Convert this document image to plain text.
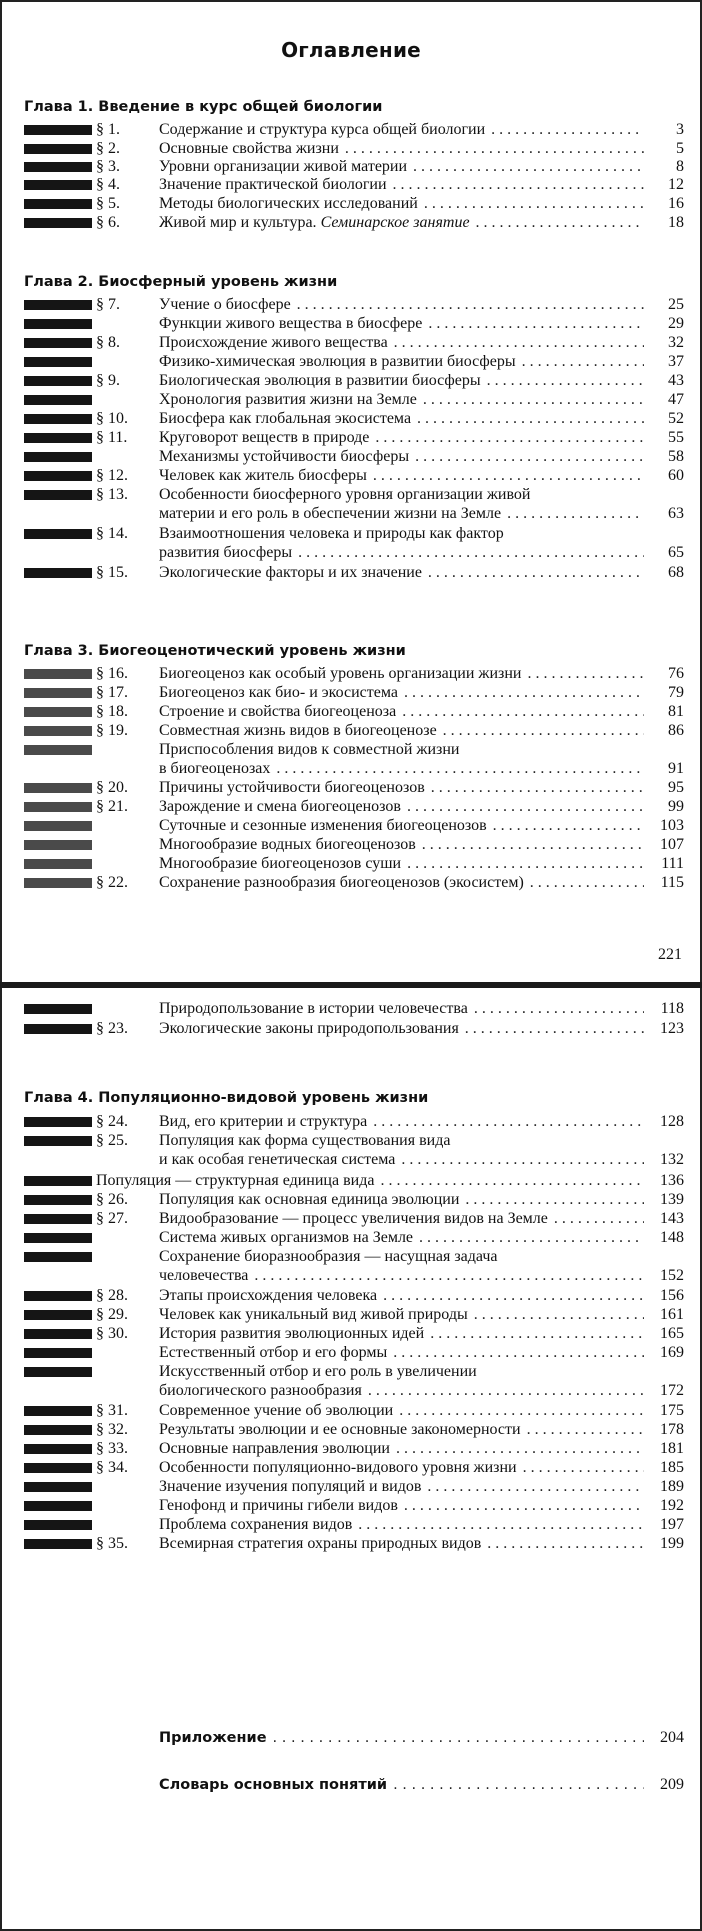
Оглавление
Глава 1. Введение в курс общей биологии
§ 1. Содержание и структура курса общей биологии . . .	3
§ 2. Основные свойства жизни . . .	5
§ 3. Уровни организации живой материи . . .	8
§ 4. Значение практической биологии . . .	12
§ 5. Методы биологических исследований . . .	16
§ 6. Живой мир и культура. Семинарское занятие . . .	18
Глава 2. Биосферный уровень жизни
§ 7. Учение о биосфере . . .	25
Функции живого вещества в биосфере . . .	29
§ 8. Происхождение живого вещества . . .	32
Физико-химическая эволюция в развитии биосферы . . .	37
§ 9. Биологическая эволюция в развитии биосферы . . .	43
Хронология развития жизни на Земле . . .	47
§ 10. Биосфера как глобальная экосистема . . .	52
§ 11. Круговорот веществ в природе . . .	55
Механизмы устойчивости биосферы . . .	58
§ 12. Человек как житель биосферы . . .	60
§ 13. Особенности биосферного уровня организации живой
материи и его роль в обеспечении жизни на Земле . . .	63
§ 14. Взаимоотношения человека и природы как фактор
развития биосферы . . .	65
§ 15. Экологические факторы и их значение . . .	68
Глава 3. Биогеоценотический уровень жизни
§ 16. Биогеоценоз как особый уровень организации жизни . . .	76
§ 17. Биогеоценоз как био- и экосистема . . .	79
§ 18. Строение и свойства биогеоценоза . . .	81
§ 19. Совместная жизнь видов в биогеоценозе . . .	86
Приспособления видов к совместной жизни
в биогеоценозах . . .	91
§ 20. Причины устойчивости биогеоценозов . . .	95
§ 21. Зарождение и смена биогеоценозов . . .	99
Суточные и сезонные изменения биогеоценозов . . .	103
Многообразие водных биогеоценозов . . .	107
Многообразие биогеоценозов суши . . .	111
§ 22. Сохранение разнообразия биогеоценозов (экосистем) . . .	115
221
Природопользование в истории человечества . . .	118
§ 23. Экологические законы природопользования . . .	123
Глава 4. Популяционно-видовой уровень жизни
§ 24. Вид, его критерии и структура . . .	128
§ 25. Популяция как форма существования вида
и как особая генетическая система . . .	132
Популяция — структурная единица вида . . .	136
§ 26. Популяция как основная единица эволюции . . .	139
§ 27. Видообразование — процесс увеличения видов на Земле . . .	143
Система живых организмов на Земле . . .	148
Сохранение биоразнообразия — насущная задача
человечества . . .	152
§ 28. Этапы происхождения человека . . .	156
§ 29. Человек как уникальный вид живой природы . . .	161
§ 30. История развития эволюционных идей . . .	165
Естественный отбор и его формы . . .	169
Искусственный отбор и его роль в увеличении
биологического разнообразия . . .	172
§ 31. Современное учение об эволюции . . .	175
§ 32. Результаты эволюции и ее основные закономерности . . .	178
§ 33. Основные направления эволюции . . .	181
§ 34. Особенности популяционно-видового уровня жизни . . .	185
Значение изучения популяций и видов . . .	189
Генофонд и причины гибели видов . . .	192
Проблема сохранения видов . . .	197
§ 35. Всемирная стратегия охраны природных видов . . .	199
Приложение . . .	204
Словарь основных понятий . . .	209
